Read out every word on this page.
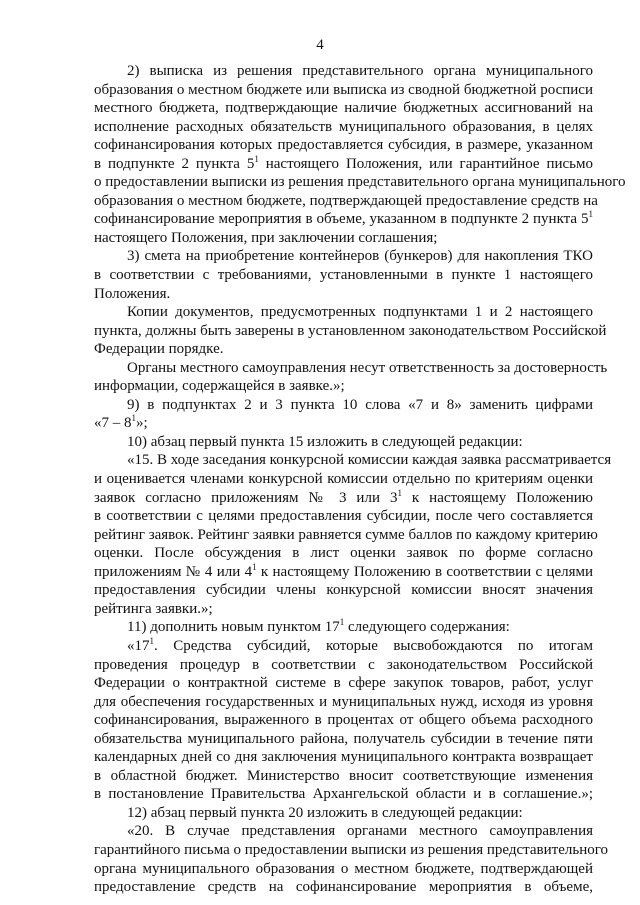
4
2) выписка из решения представительного органа муниципального
образования о местном бюджете или выписка из сводной бюджетной росписи
местного бюджета, подтверждающие наличие бюджетных ассигнований на
исполнение расходных обязательств муниципального образования, в целях
софинансирования которых предоставляется субсидия, в размере, указанном
в подпункте 2 пункта $5^1$ настоящего Положения, или гарантийное письмо
о предоставлении выписки из решения представительного органа муниципального
образования о местном бюджете, подтверждающей предоставление средств на
софинансирование мероприятия в объеме, указанном в подпункте 2 пункта $5^1$
настоящего Положения, при заключении соглашения;
3) смета на приобретение контейнеров (бункеров) для накопления ТКО
в соответствии с требованиями, установленными в пункте 1 настоящего
Положения.
Копии документов, предусмотренных подпунктами 1 и 2 настоящего
пункта, должны быть заверены в установленном законодательством Российской
Федерации порядке.
Органы местного самоуправления несут ответственность за достоверность
информации, содержащейся в заявке.»;
9) в подпунктах 2 и 3 пункта 10 слова «7 и 8» заменить цифрами
«$7 - 8^1$»;
10) абзац первый пункта 15 изложить в следующей редакции:
«15. В ходе заседания конкурсной комиссии каждая заявка рассматривается
и оценивается членами конкурсной комиссии отдельно по критериям оценки
заявок согласно приложениям № 3 или $3^1$ к настоящему Положению
в соответствии с целями предоставления субсидии, после чего составляется
рейтинг заявок. Рейтинг заявки равняется сумме баллов по каждому критерию
оценки. После обсуждения в лист оценки заявок по форме согласно
приложениям № 4 или $4^1$ к настоящему Положению в соответствии с целями
предоставления субсидии члены конкурсной комиссии вносят значения
рейтинга заявки.»;
11) дополнить новым пунктом $17^1$ следующего содержания:
«$17^1$. Средства субсидий, которые высвобождаются по итогам
проведения процедур в соответствии с законодательством Российской
Федерации о контрактной системе в сфере закупок товаров, работ, услуг
для обеспечения государственных и муниципальных нужд, исходя из уровня
софинансирования, выраженного в процентах от общего объема расходного
обязательства муниципального района, получатель субсидии в течение пяти
календарных дней со дня заключения муниципального контракта возвращает
в областной бюджет. Министерство вносит соответствующие изменения
в постановление Правительства Архангельской области и в соглашение.»;
12) абзац первый пункта 20 изложить в следующей редакции:
«20. В случае представления органами местного самоуправления
гарантийного письма о предоставлении выписки из решения представительного
органа муниципального образования о местном бюджете, подтверждающей
предоставление средств на софинансирование мероприятия в объеме,
